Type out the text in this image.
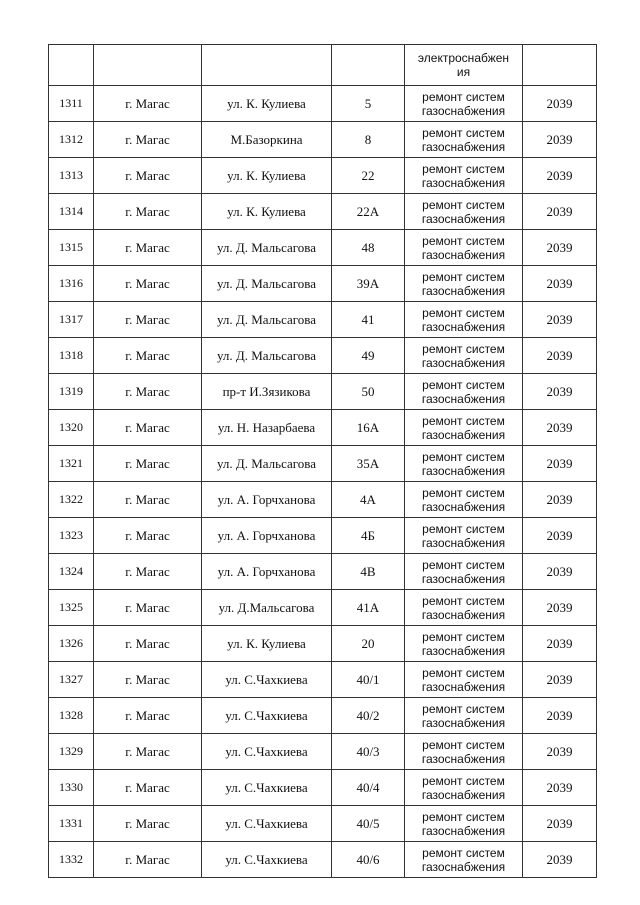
				электроснабжен
ия	

1311	г. Магас	ул. К. Кулиева	5	ремонт систем
газоснабжения	2039
1312	г. Магас	М.Базоркина	8	ремонт систем
газоснабжения	2039
1313	г. Магас	ул. К. Кулиева	22	ремонт систем
газоснабжения	2039
1314	г. Магас	ул. К. Кулиева	22А	ремонт систем
газоснабжения	2039
1315	г. Магас	ул. Д. Мальсагова	48	ремонт систем
газоснабжения	2039
1316	г. Магас	ул. Д. Мальсагова	39А	ремонт систем
газоснабжения	2039
1317	г. Магас	ул. Д. Мальсагова	41	ремонт систем
газоснабжения	2039
1318	г. Магас	ул. Д. Мальсагова	49	ремонт систем
газоснабжения	2039
1319	г. Магас	пр-т И.Зязикова	50	ремонт систем
газоснабжения	2039
1320	г. Магас	ул. Н. Назарбаева	16А	ремонт систем
газоснабжения	2039
1321	г. Магас	ул. Д. Мальсагова	35А	ремонт систем
газоснабжения	2039
1322	г. Магас	ул. А. Горчханова	4А	ремонт систем
газоснабжения	2039
1323	г. Магас	ул. А. Горчханова	4Б	ремонт систем
газоснабжения	2039
1324	г. Магас	ул. А. Горчханова	4В	ремонт систем
газоснабжения	2039
1325	г. Магас	ул. Д.Мальсагова	41А	ремонт систем
газоснабжения	2039
1326	г. Магас	ул. К. Кулиева	20	ремонт систем
газоснабжения	2039
1327	г. Магас	ул. С.Чахкиева	40/1	ремонт систем
газоснабжения	2039
1328	г. Магас	ул. С.Чахкиева	40/2	ремонт систем
газоснабжения	2039
1329	г. Магас	ул. С.Чахкиева	40/3	ремонт систем
газоснабжения	2039
1330	г. Магас	ул. С.Чахкиева	40/4	ремонт систем
газоснабжения	2039
1331	г. Магас	ул. С.Чахкиева	40/5	ремонт систем
газоснабжения	2039
1332	г. Магас	ул. С.Чахкиева	40/6	ремонт систем
газоснабжения	2039
